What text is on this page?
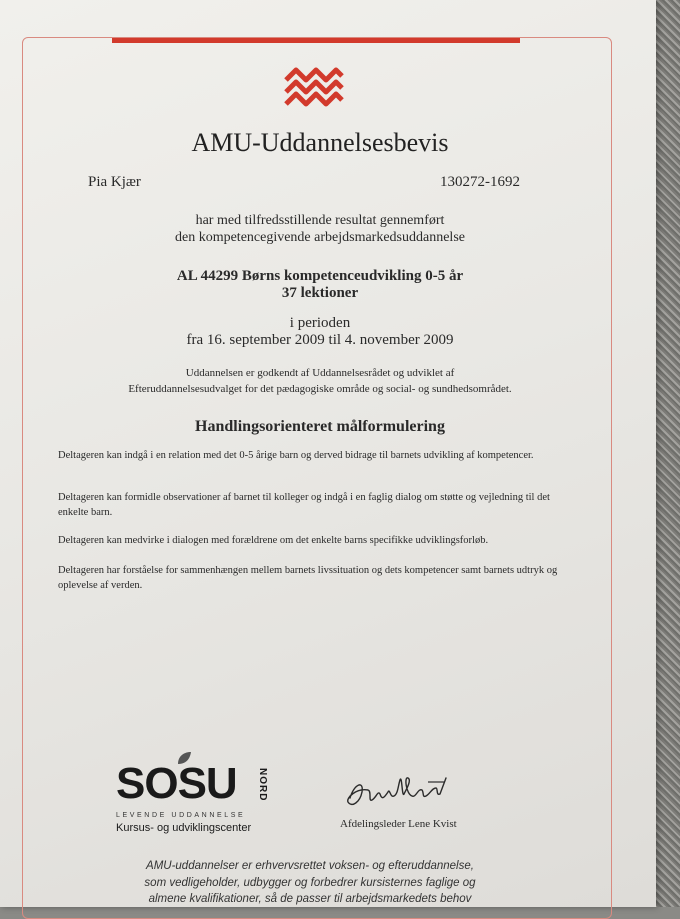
AMU-Uddannelsesbevis
Pia Kjær	130272-1692
har med tilfredsstillende resultat gennemført
den kompetencegivende arbejdsmarkedsuddannelse
AL 44299 Børns kompetenceudvikling 0-5 år
37 lektioner
i perioden
fra 16. september 2009 til 4. november 2009
Uddannelsen er godkendt af Uddannelsesrådet og udviklet af
Efteruddannelsesudvalget for det pædagogiske område og social- og sundhedsområdet.
Handlingsorienteret målformulering
Deltageren kan indgå i en relation med det 0-5 årige barn og derved bidrage til barnets udvikling af kompetencer.
Deltageren kan formidle observationer af barnet til kolleger og indgå i en faglig dialog om støtte og vejledning til det enkelte barn.
Deltageren kan medvirke i dialogen med forældrene om det enkelte barns specifikke udviklingsforløb.
Deltageren har forståelse for sammenhængen mellem barnets livssituation og dets kompetencer samt barnets udtryk og oplevelse af verden.
SOSU NORD
LEVENDE UDDANNELSE
Kursus- og udviklingscenter	Afdelingsleder Lene Kvist
AMU-uddannelser er erhvervsrettet voksen- og efteruddannelse,
som vedligeholder, udbygger og forbedrer kursisternes faglige og
almene kvalifikationer, så de passer til arbejdsmarkedets behov
